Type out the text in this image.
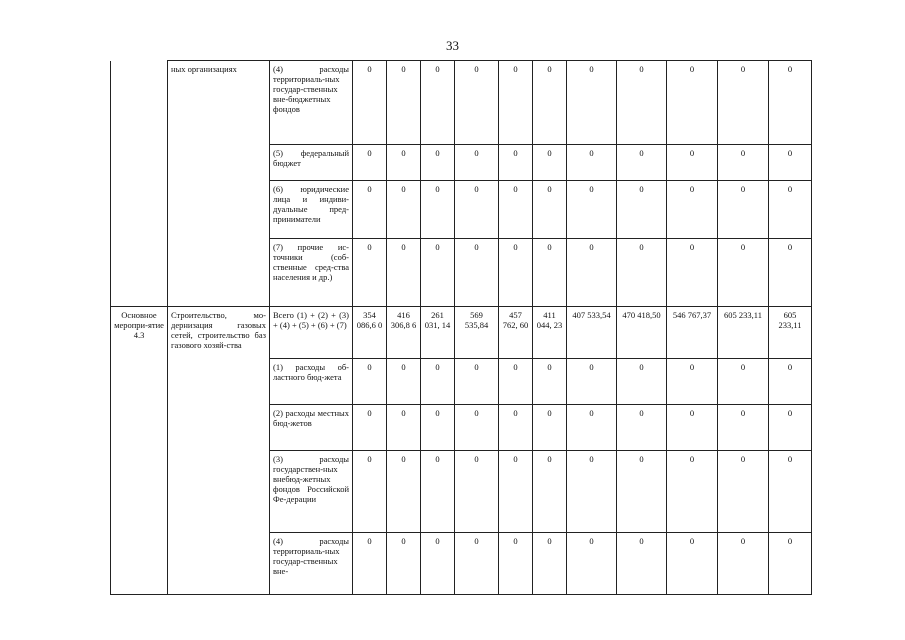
33
	ных организациях	(4) расходы территориаль-ных государ-ственных вне-бюджетных фондов	0	0	0	0	0	0	0	0	0	0	0
		(5) федеральный бюджет	0	0	0	0	0	0	0	0	0	0	0
		(6) юридические лица и индиви-дуальные пред-приниматели	0	0	0	0	0	0	0	0	0	0	0
		(7) прочие ис-точники (соб-ственные сред-ства населения и др.)	0	0	0	0	0	0	0	0	0	0	0
Основное меропри-ятие 4.3	Строительство, мо-дернизация газовых сетей, строительство баз газового хозяй-ства	Всего (1) + (2) + (3) + (4) + (5) + (6) + (7)	354 086,6 0	416 306,8 6	261 031, 14	569 535,84	457 762, 60	411 044, 23	407 533,54	470 418,50	546 767,37	605 233,11	605 233,11
		(1) расходы об-ластного бюд-жета	0	0	0	0	0	0	0	0	0	0	0
		(2) расходы местных бюд-жетов	0	0	0	0	0	0	0	0	0	0	0
		(3) расходы государствен-ных внебюд-жетных фондов Российской Фе-дерации	0	0	0	0	0	0	0	0	0	0	0
		(4) расходы территориаль-ных государ-ственных вне-	0	0	0	0	0	0	0	0	0	0	0
